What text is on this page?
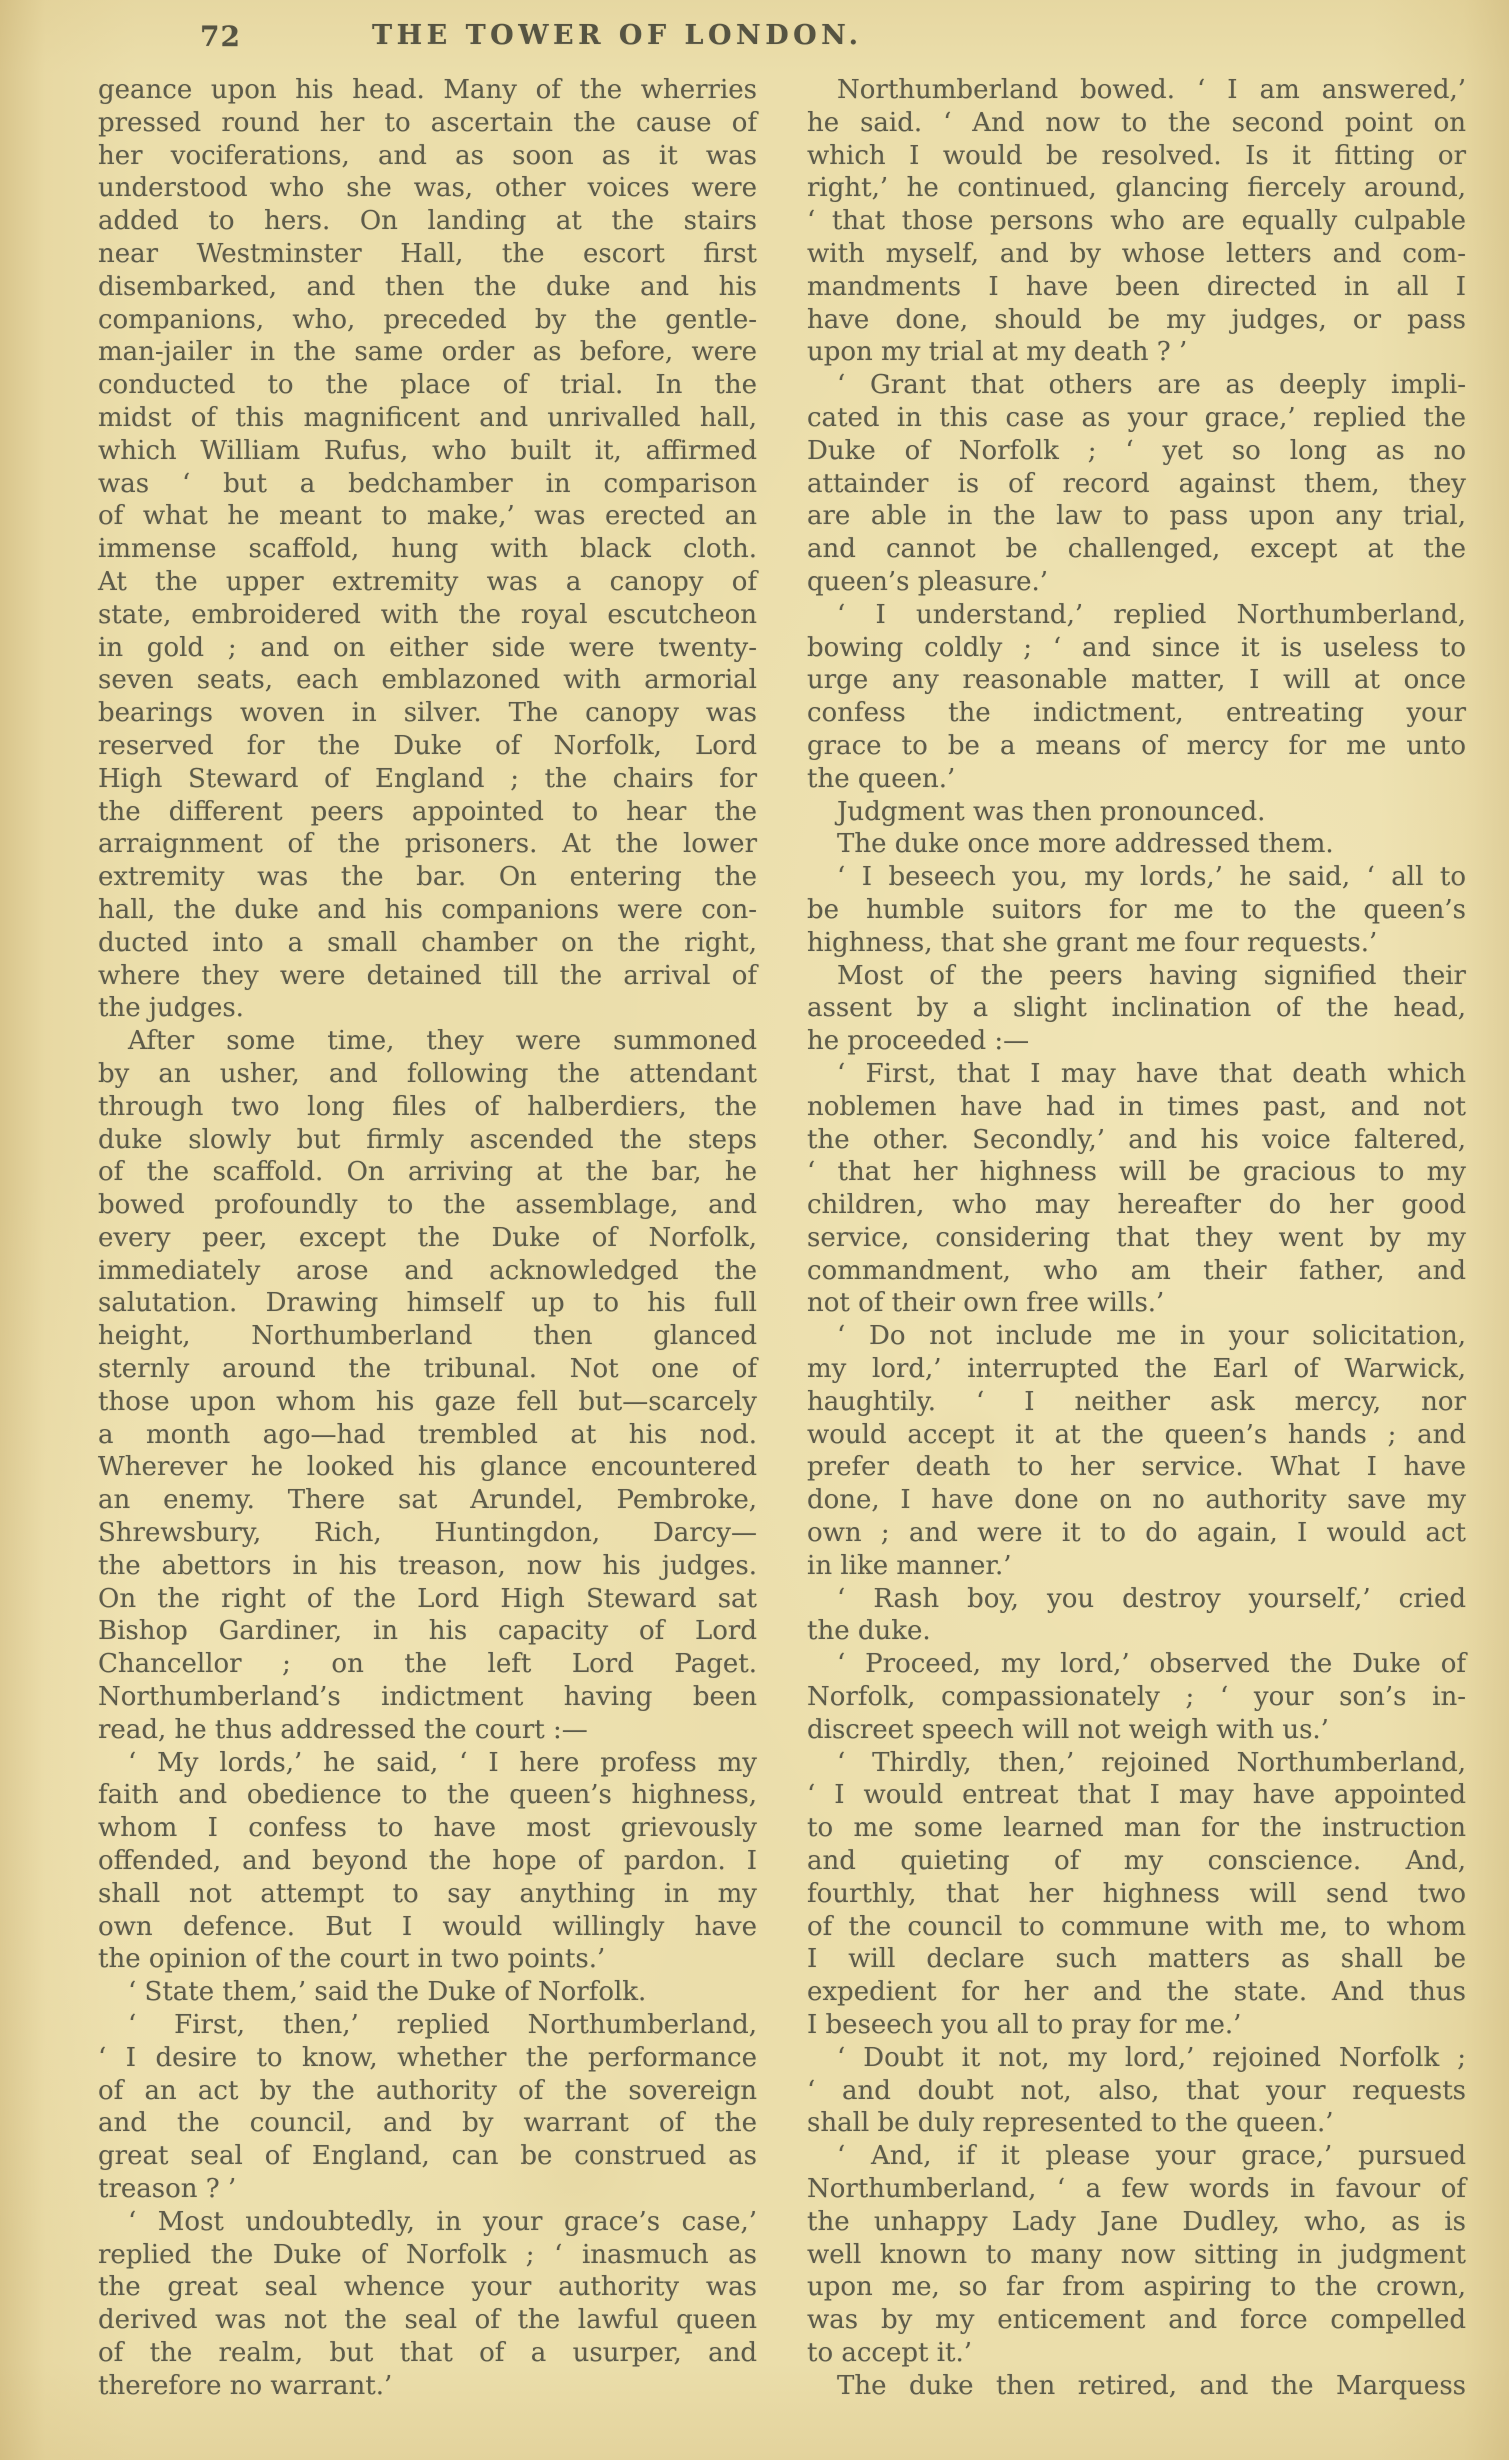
72	THE TOWER OF LONDON.
geance upon his head. Many of the wherries
pressed round her to ascertain the cause of
her vociferations, and as soon as it was
understood who she was, other voices were
added to hers. On landing at the stairs
near Westminster Hall, the escort first
disembarked, and then the duke and his
companions, who, preceded by the gentle-
man-jailer in the same order as before, were
conducted to the place of trial. In the
midst of this magnificent and unrivalled hall,
which William Rufus, who built it, affirmed
was ‘ but a bedchamber in comparison
of what he meant to make,’ was erected an
immense scaffold, hung with black cloth.
At the upper extremity was a canopy of
state, embroidered with the royal escutcheon
in gold ; and on either side were twenty-
seven seats, each emblazoned with armorial
bearings woven in silver. The canopy was
reserved for the Duke of Norfolk, Lord
High Steward of England ; the chairs for
the different peers appointed to hear the
arraignment of the prisoners. At the lower
extremity was the bar. On entering the
hall, the duke and his companions were con-
ducted into a small chamber on the right,
where they were detained till the arrival of
the judges.
After some time, they were summoned
by an usher, and following the attendant
through two long files of halberdiers, the
duke slowly but firmly ascended the steps
of the scaffold. On arriving at the bar, he
bowed profoundly to the assemblage, and
every peer, except the Duke of Norfolk,
immediately arose and acknowledged the
salutation. Drawing himself up to his full
height, Northumberland then glanced
sternly around the tribunal. Not one of
those upon whom his gaze fell but—scarcely
a month ago—had trembled at his nod.
Wherever he looked his glance encountered
an enemy. There sat Arundel, Pembroke,
Shrewsbury, Rich, Huntingdon, Darcy—
the abettors in his treason, now his judges.
On the right of the Lord High Steward sat
Bishop Gardiner, in his capacity of Lord
Chancellor ; on the left Lord Paget.
Northumberland’s indictment having been
read, he thus addressed the court :—
‘ My lords,’ he said, ‘ I here profess my
faith and obedience to the queen’s highness,
whom I confess to have most grievously
offended, and beyond the hope of pardon. I
shall not attempt to say anything in my
own defence. But I would willingly have
the opinion of the court in two points.’
‘ State them,’ said the Duke of Norfolk.
‘ First, then,’ replied Northumberland,
‘ I desire to know, whether the performance
of an act by the authority of the sovereign
and the council, and by warrant of the
great seal of England, can be construed as
treason ? ’
‘ Most undoubtedly, in your grace’s case,’
replied the Duke of Norfolk ; ‘ inasmuch as
the great seal whence your authority was
derived was not the seal of the lawful queen
of the realm, but that of a usurper, and
therefore no warrant.’
Northumberland bowed. ‘ I am answered,’
he said. ‘ And now to the second point on
which I would be resolved. Is it fitting or
right,’ he continued, glancing fiercely around,
‘ that those persons who are equally culpable
with myself, and by whose letters and com-
mandments I have been directed in all I
have done, should be my judges, or pass
upon my trial at my death ? ’
‘ Grant that others are as deeply impli-
cated in this case as your grace,’ replied the
Duke of Norfolk ; ‘ yet so long as no
attainder is of record against them, they
are able in the law to pass upon any trial,
and cannot be challenged, except at the
queen’s pleasure.’
‘ I understand,’ replied Northumberland,
bowing coldly ; ‘ and since it is useless to
urge any reasonable matter, I will at once
confess the indictment, entreating your
grace to be a means of mercy for me unto
the queen.’
Judgment was then pronounced.
The duke once more addressed them.
‘ I beseech you, my lords,’ he said, ‘ all to
be humble suitors for me to the queen’s
highness, that she grant me four requests.’
Most of the peers having signified their
assent by a slight inclination of the head,
he proceeded :—
‘ First, that I may have that death which
noblemen have had in times past, and not
the other. Secondly,’ and his voice faltered,
‘ that her highness will be gracious to my
children, who may hereafter do her good
service, considering that they went by my
commandment, who am their father, and
not of their own free wills.’
‘ Do not include me in your solicitation,
my lord,’ interrupted the Earl of Warwick,
haughtily. ‘ I neither ask mercy, nor
would accept it at the queen’s hands ; and
prefer death to her service. What I have
done, I have done on no authority save my
own ; and were it to do again, I would act
in like manner.’
‘ Rash boy, you destroy yourself,’ cried
the duke.
‘ Proceed, my lord,’ observed the Duke of
Norfolk, compassionately ; ‘ your son’s in-
discreet speech will not weigh with us.’
‘ Thirdly, then,’ rejoined Northumberland,
‘ I would entreat that I may have appointed
to me some learned man for the instruction
and quieting of my conscience. And,
fourthly, that her highness will send two
of the council to commune with me, to whom
I will declare such matters as shall be
expedient for her and the state. And thus
I beseech you all to pray for me.’
‘ Doubt it not, my lord,’ rejoined Norfolk ;
‘ and doubt not, also, that your requests
shall be duly represented to the queen.’
‘ And, if it please your grace,’ pursued
Northumberland, ‘ a few words in favour of
the unhappy Lady Jane Dudley, who, as is
well known to many now sitting in judgment
upon me, so far from aspiring to the crown,
was by my enticement and force compelled
to accept it.’
The duke then retired, and the Marquess
